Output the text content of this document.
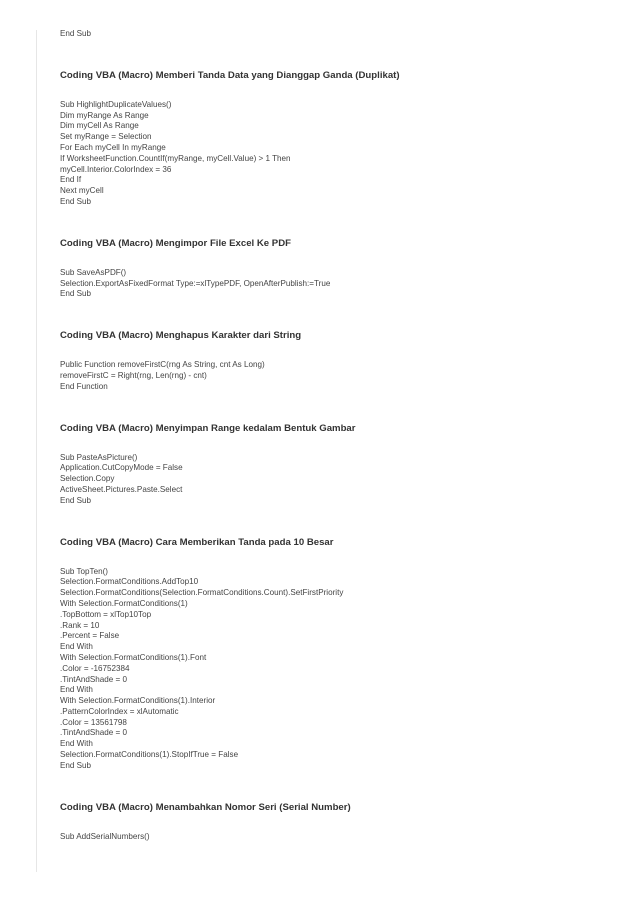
End Sub
Coding VBA (Macro) Memberi Tanda Data yang Dianggap Ganda (Duplikat)
Sub HighlightDuplicateValues()
Dim myRange As Range
Dim myCell As Range
Set myRange = Selection
For Each myCell In myRange
If WorksheetFunction.CountIf(myRange, myCell.Value) > 1 Then
myCell.Interior.ColorIndex = 36
End If
Next myCell
End Sub
Coding VBA (Macro) Mengimpor File Excel Ke PDF
Sub SaveAsPDF()
Selection.ExportAsFixedFormat Type:=xlTypePDF, OpenAfterPublish:=True
End Sub
Coding VBA (Macro) Menghapus Karakter dari String
Public Function removeFirstC(rng As String, cnt As Long)
removeFirstC = Right(rng, Len(rng) - cnt)
End Function
Coding VBA (Macro) Menyimpan Range kedalam Bentuk Gambar
Sub PasteAsPicture()
Application.CutCopyMode = False
Selection.Copy
ActiveSheet.Pictures.Paste.Select
End Sub
Coding VBA (Macro) Cara Memberikan Tanda pada 10 Besar
Sub TopTen()
Selection.FormatConditions.AddTop10
Selection.FormatConditions(Selection.FormatConditions.Count).SetFirstPriority
With Selection.FormatConditions(1)
.TopBottom = xlTop10Top
.Rank = 10
.Percent = False
End With
With Selection.FormatConditions(1).Font
.Color = -16752384
.TintAndShade = 0
End With
With Selection.FormatConditions(1).Interior
.PatternColorIndex = xlAutomatic
.Color = 13561798
.TintAndShade = 0
End With
Selection.FormatConditions(1).StopIfTrue = False
End Sub
Coding VBA (Macro) Menambahkan Nomor Seri (Serial Number)
Sub AddSerialNumbers()
